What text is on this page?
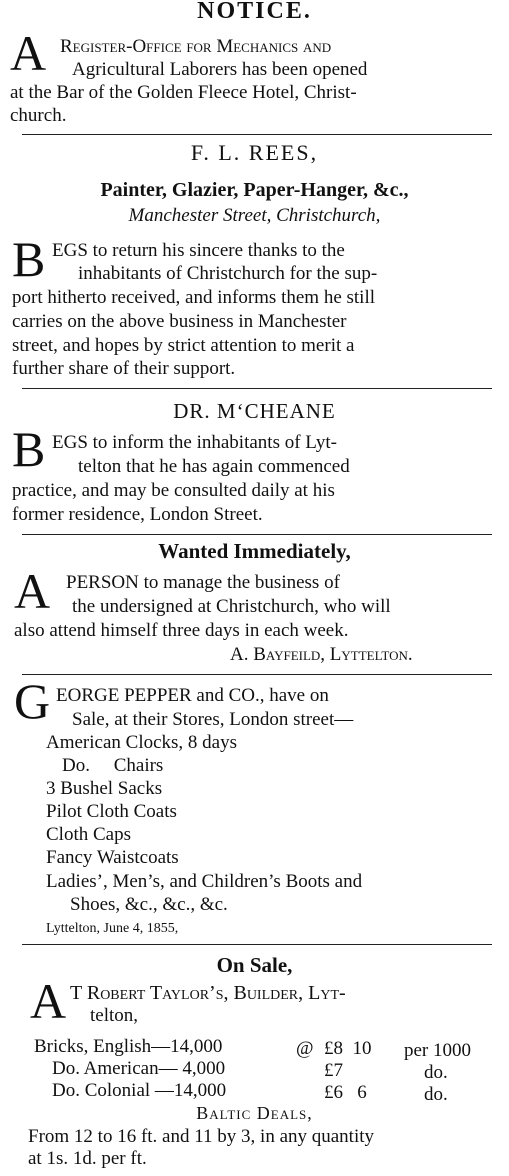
NOTICE.
A Register-Office for Mechanics and
Agricultural Laborers has been opened
at the Bar of the Golden Fleece Hotel, Christ-
church.
F. L. REES,
Painter, Glazier, Paper-Hanger, &c.,
Manchester Street, Christchurch,
B EGS to return his sincere thanks to the
inhabitants of Christchurch for the sup-
port hitherto received, and informs them he still
carries on the above business in Manchester
street, and hopes by strict attention to merit a
further share of their support.
DR. M‘CHEANE
B EGS to inform the inhabitants of Lyt-
telton that he has again commenced
practice, and may be consulted daily at his
former residence, London Street.
Wanted Immediately,
A PERSON to manage the business of
the undersigned at Christchurch, who will
also attend himself three days in each week.
A. Bayfeild, Lyttelton.
G EORGE PEPPER and CO., have on
Sale, at their Stores, London street—
American Clocks, 8 days
Do.     Chairs
3 Bushel Sacks
Pilot Cloth Coats
Cloth Caps
Fancy Waistcoats
Ladies’, Men’s, and Children’s Boots and
Shoes, &c., &c., &c.
Lyttelton, June 4, 1855,
On Sale,
A T Robert Taylor’s, Builder, Lyt-
telton,
Bricks, English—14,000	@ £8  10 per 1000
Do. American— 4,000	£7	do.
Do. Colonial —14,000	£6   6	do.
Baltic Deals,
From 12 to 16 ft. and 11 by 3, in any quantity
at 1s. 1d. per ft.
